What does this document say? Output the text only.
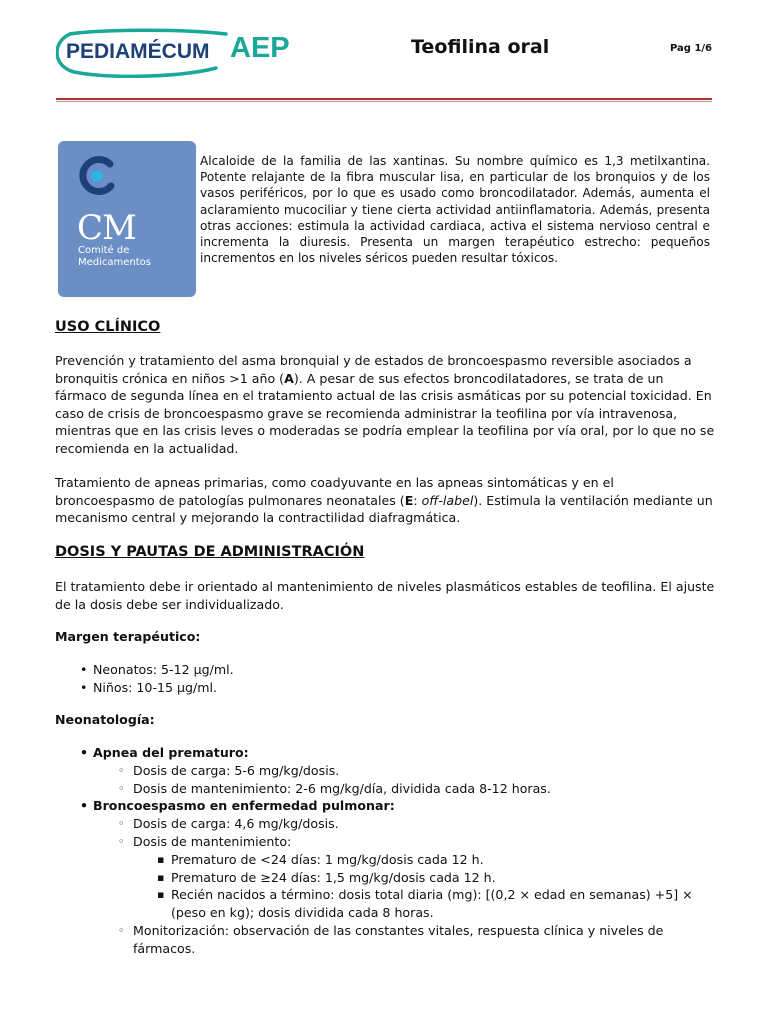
PEDIAMÉCUM AEP	Teofilina oral	Pag 1/6
CM
Comité de
Medicamentos
Alcaloide de la familia de las xantinas. Su nombre químico es 1,3 metilxantina. Potente relajante de la fibra muscular lisa, en particular de los bronquios y de los vasos periféricos, por lo que es usado como broncodilatador. Además, aumenta el aclaramiento mucociliar y tiene cierta actividad antiinflamatoria. Además, presenta otras acciones: estimula la actividad cardiaca, activa el sistema nervioso central e incrementa la diuresis. Presenta un margen terapéutico estrecho: pequeños incrementos en los niveles séricos pueden resultar tóxicos.
USO CLÍNICO
Prevención y tratamiento del asma bronquial y de estados de broncoespasmo reversible asociados a bronquitis crónica en niños >1 año (A). A pesar de sus efectos broncodilatadores, se trata de un fármaco de segunda línea en el tratamiento actual de las crisis asmáticas por su potencial toxicidad. En caso de crisis de broncoespasmo grave se recomienda administrar la teofilina por vía intravenosa, mientras que en las crisis leves o moderadas se podría emplear la teofilina por vía oral, por lo que no se recomienda en la actualidad.
Tratamiento de apneas primarias, como coadyuvante en las apneas sintomáticas y en el broncoespasmo de patologías pulmonares neonatales (E: off-label). Estimula la ventilación mediante un mecanismo central y mejorando la contractilidad diafragmática.
DOSIS Y PAUTAS DE ADMINISTRACIÓN
El tratamiento debe ir orientado al mantenimiento de niveles plasmáticos estables de teofilina. El ajuste de la dosis debe ser individualizado.
Margen terapéutico:
• Neonatos: 5-12 µg/ml.
• Niños: 10-15 µg/ml.
Neonatología:
• Apnea del prematuro:
◦ Dosis de carga: 5-6 mg/kg/dosis.
◦ Dosis de mantenimiento: 2-6 mg/kg/día, dividida cada 8-12 horas.
• Broncoespasmo en enfermedad pulmonar:
◦ Dosis de carga: 4,6 mg/kg/dosis.
◦ Dosis de mantenimiento:
▪ Prematuro de <24 días: 1 mg/kg/dosis cada 12 h.
▪ Prematuro de ≥24 días: 1,5 mg/kg/dosis cada 12 h.
▪ Recién nacidos a término: dosis total diaria (mg): [(0,2 × edad en semanas) +5] × (peso en kg); dosis dividida cada 8 horas.
◦ Monitorización: observación de las constantes vitales, respuesta clínica y niveles de fármacos.
